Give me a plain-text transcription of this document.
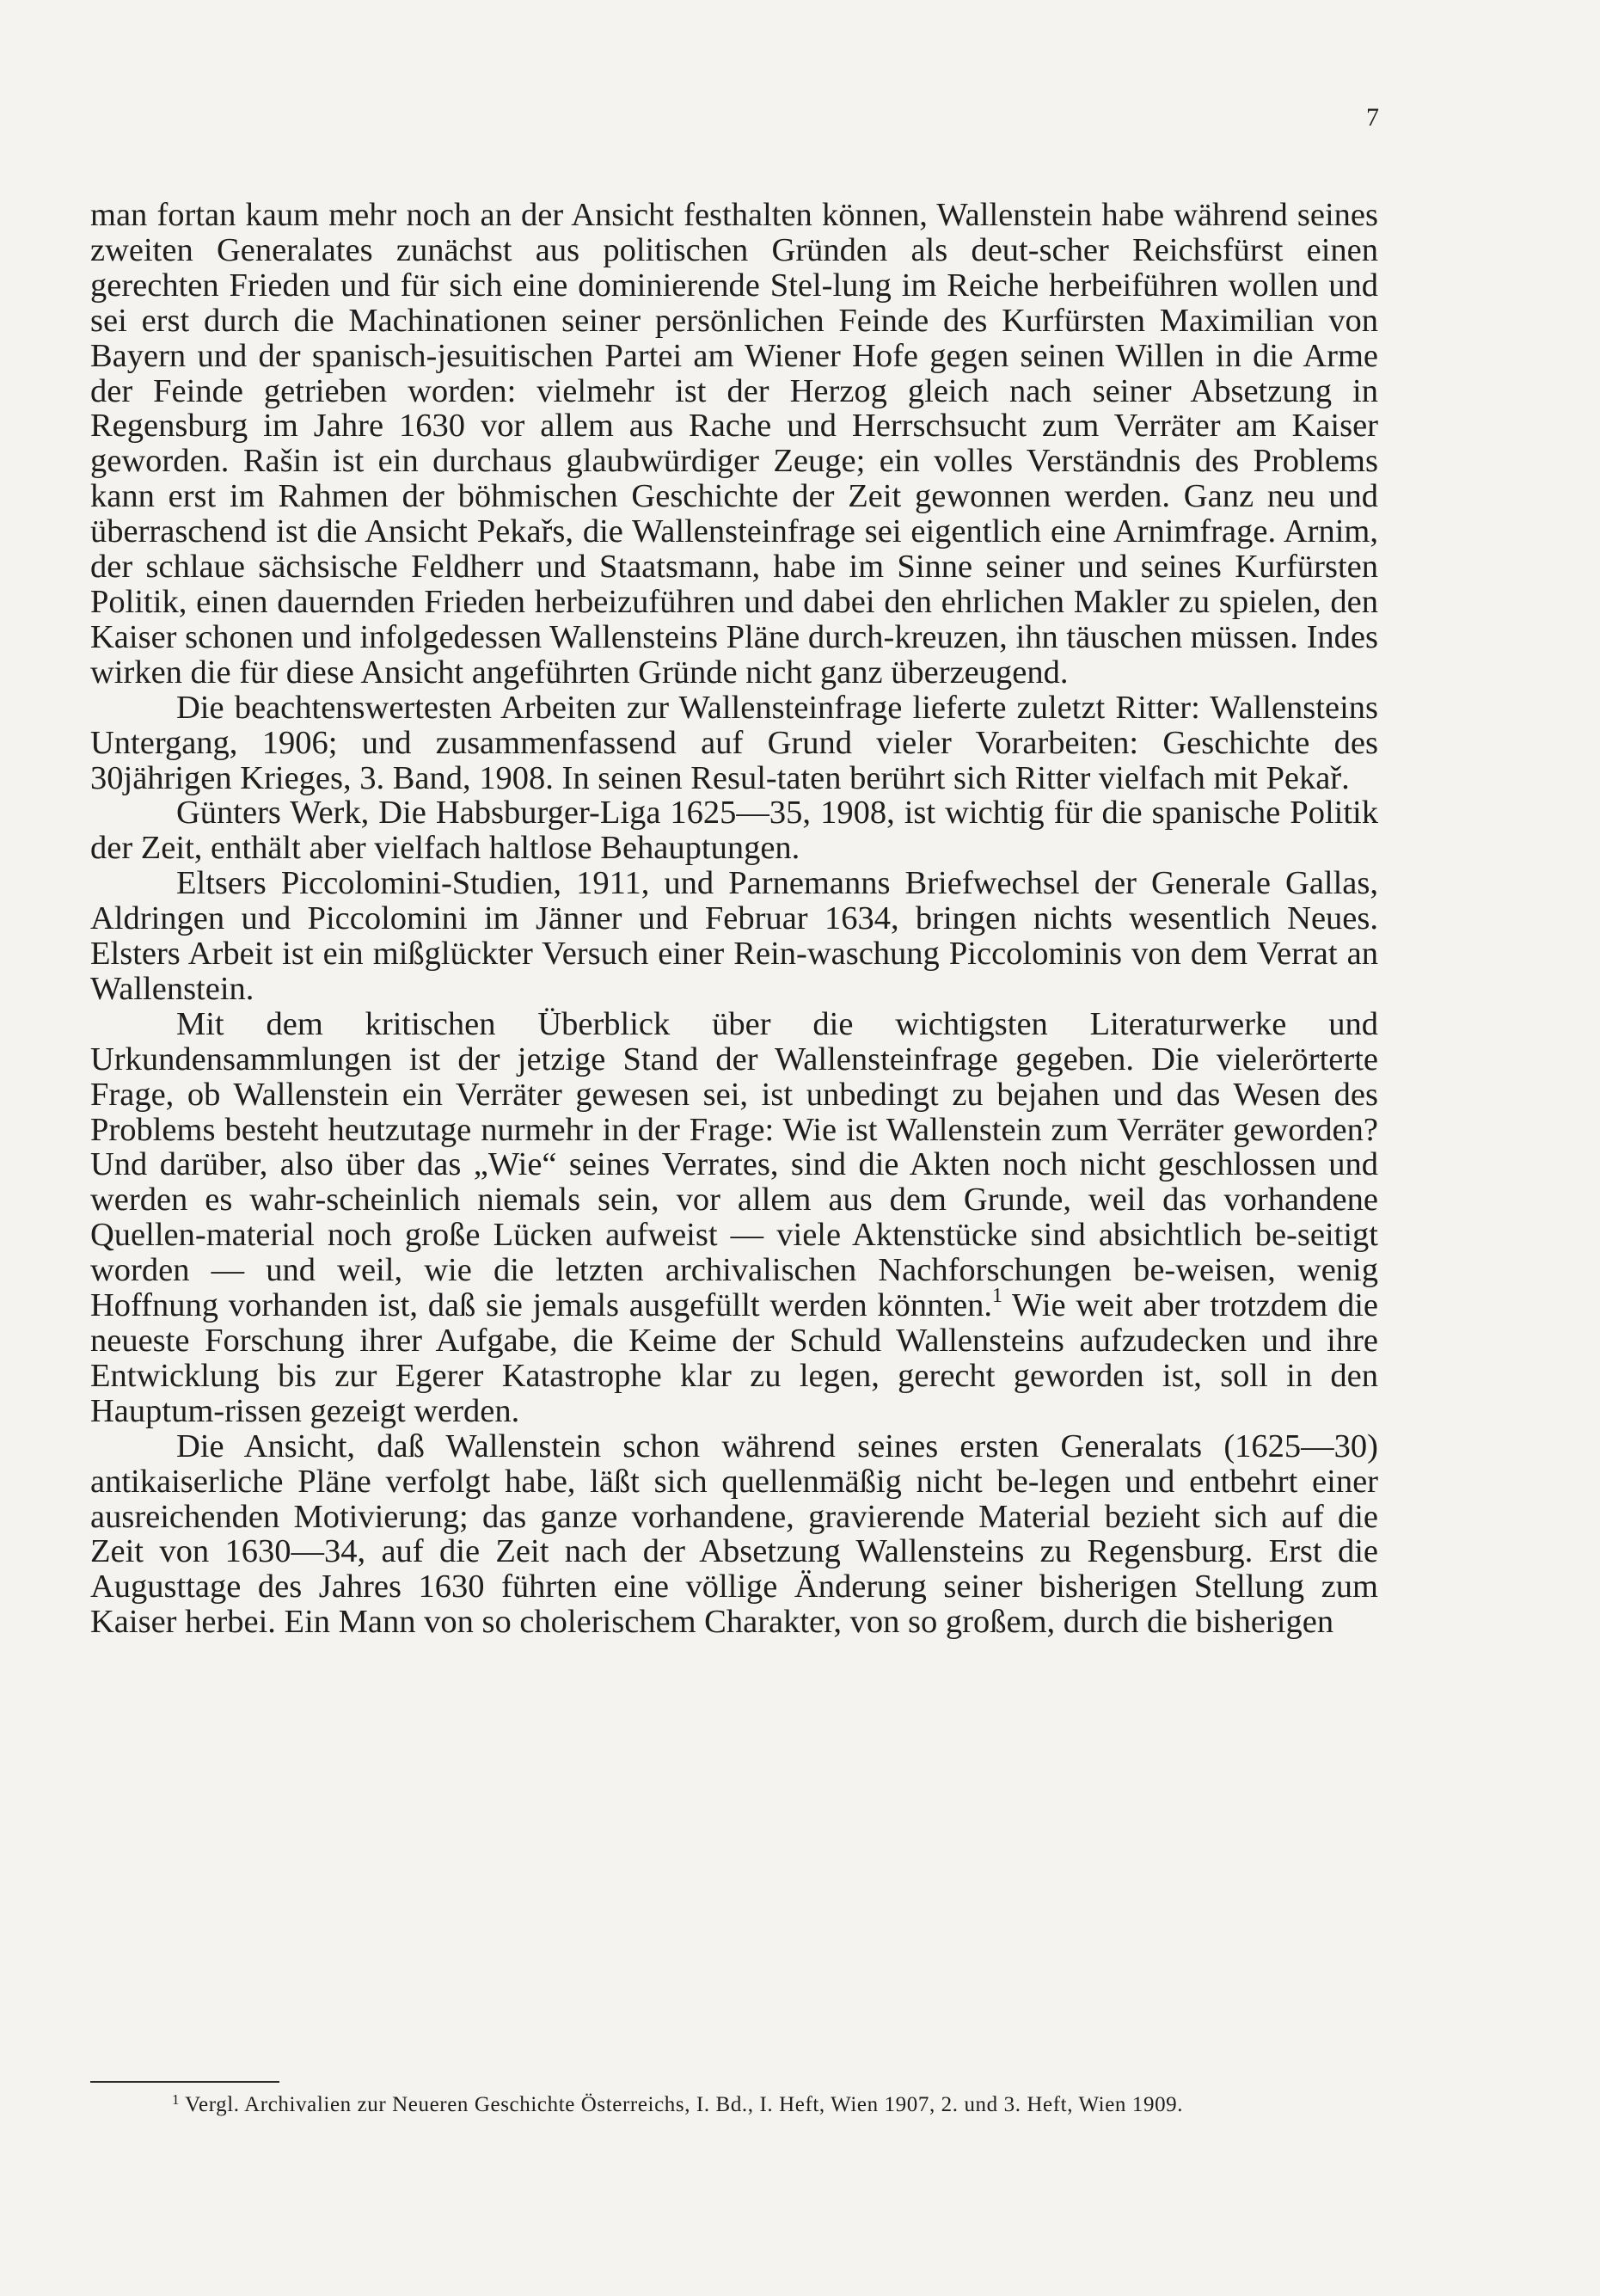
7

man fortan kaum mehr noch an der Ansicht festhalten können, Wallenstein habe während seines zweiten Generalates zunächst aus politischen Gründen als deut-scher Reichsfürst einen gerechten Frieden und für sich eine dominierende Stel-lung im Reiche herbeiführen wollen und sei erst durch die Machinationen seiner persönlichen Feinde des Kurfürsten Maximilian von Bayern und der spanisch-jesuitischen Partei am Wiener Hofe gegen seinen Willen in die Arme der Feinde getrieben worden: vielmehr ist der Herzog gleich nach seiner Absetzung in Regensburg im Jahre 1630 vor allem aus Rache und Herrschsucht zum Verräter am Kaiser geworden. Rašin ist ein durchaus glaubwürdiger Zeuge; ein volles Verständnis des Problems kann erst im Rahmen der böhmischen Geschichte der Zeit gewonnen werden. Ganz neu und überraschend ist die Ansicht Pekařs, die Wallensteinfrage sei eigentlich eine Arnimfrage. Arnim, der schlaue sächsische Feldherr und Staatsmann, habe im Sinne seiner und seines Kurfürsten Politik, einen dauernden Frieden herbeizuführen und dabei den ehrlichen Makler zu spielen, den Kaiser schonen und infolgedessen Wallensteins Pläne durch-kreuzen, ihn täuschen müssen. Indes wirken die für diese Ansicht angeführten Gründe nicht ganz überzeugend.

Die beachtenswertesten Arbeiten zur Wallensteinfrage lieferte zuletzt Ritter: Wallensteins Untergang, 1906; und zusammenfassend auf Grund vieler Vorarbeiten: Geschichte des 30jährigen Krieges, 3. Band, 1908. In seinen Resul-taten berührt sich Ritter vielfach mit Pekař.

Günters Werk, Die Habsburger-Liga 1625—35, 1908, ist wichtig für die spanische Politik der Zeit, enthält aber vielfach haltlose Behauptungen.

Eltsers Piccolomini-Studien, 1911, und Parnemanns Briefwechsel der Generale Gallas, Aldringen und Piccolomini im Jänner und Februar 1634, bringen nichts wesentlich Neues. Elsters Arbeit ist ein mißglückter Versuch einer Rein-waschung Piccolominis von dem Verrat an Wallenstein.

Mit dem kritischen Überblick über die wichtigsten Literaturwerke und Urkundensammlungen ist der jetzige Stand der Wallensteinfrage gegeben. Die vielerörterte Frage, ob Wallenstein ein Verräter gewesen sei, ist unbedingt zu bejahen und das Wesen des Problems besteht heutzutage nurmehr in der Frage: Wie ist Wallenstein zum Verräter geworden? Und darüber, also über das „Wie“ seines Verrates, sind die Akten noch nicht geschlossen und werden es wahr-scheinlich niemals sein, vor allem aus dem Grunde, weil das vorhandene Quellen-material noch große Lücken aufweist — viele Aktenstücke sind absichtlich be-seitigt worden — und weil, wie die letzten archivalischen Nachforschungen be-weisen, wenig Hoffnung vorhanden ist, daß sie jemals ausgefüllt werden könnten.$^1$ Wie weit aber trotzdem die neueste Forschung ihrer Aufgabe, die Keime der Schuld Wallensteins aufzudecken und ihre Entwicklung bis zur Egerer Katastrophe klar zu legen, gerecht geworden ist, soll in den Hauptum-rissen gezeigt werden.

Die Ansicht, daß Wallenstein schon während seines ersten Generalats (1625—30) antikaiserliche Pläne verfolgt habe, läßt sich quellenmäßig nicht be-legen und entbehrt einer ausreichenden Motivierung; das ganze vorhandene, gravierende Material bezieht sich auf die Zeit von 1630—34, auf die Zeit nach der Absetzung Wallensteins zu Regensburg. Erst die Augusttage des Jahres 1630 führten eine völlige Änderung seiner bisherigen Stellung zum Kaiser herbei. Ein Mann von so cholerischem Charakter, von so großem, durch die bisherigen

$^1$ Vergl. Archivalien zur Neueren Geschichte Österreichs, I. Bd., I. Heft, Wien 1907, 2. und 3. Heft, Wien 1909.
